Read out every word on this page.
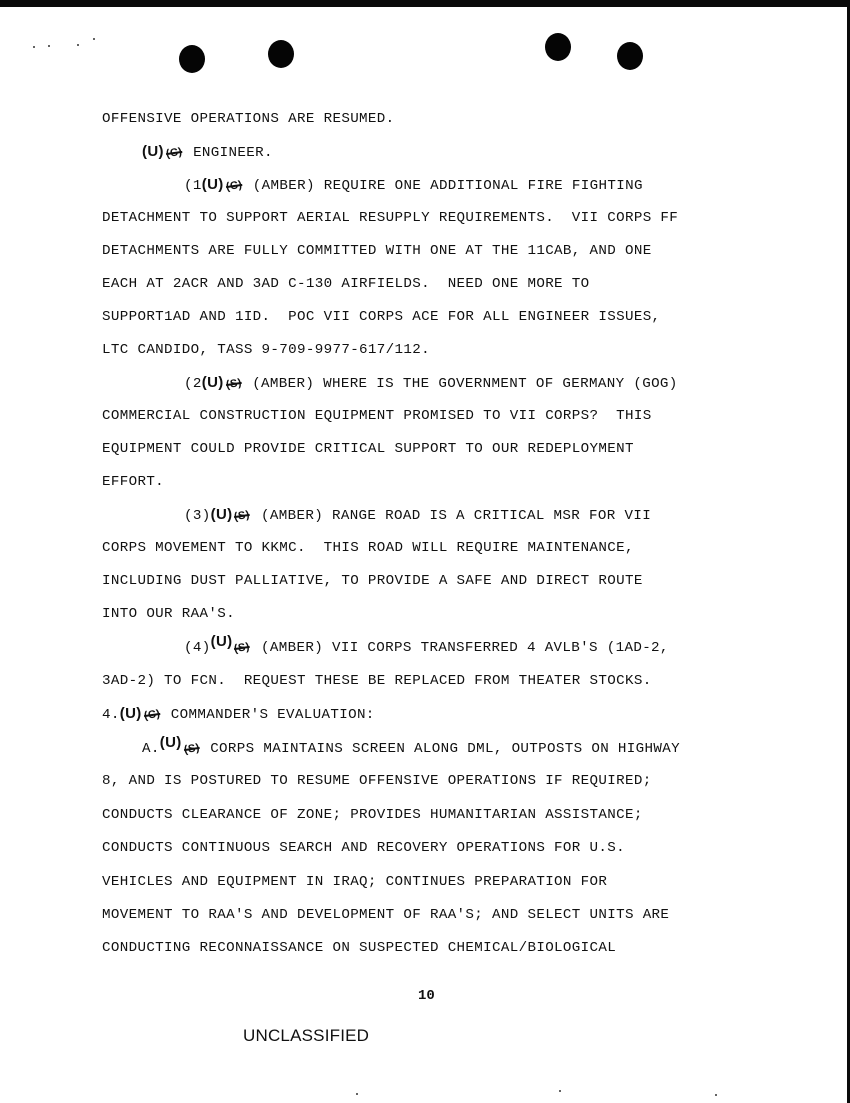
OFFENSIVE OPERATIONS ARE RESUMED.
(U)(C) ENGINEER.
(1(U)(C) (AMBER) REQUIRE ONE ADDITIONAL FIRE FIGHTING
DETACHMENT TO SUPPORT AERIAL RESUPPLY REQUIREMENTS.  VII CORPS FF
DETACHMENTS ARE FULLY COMMITTED WITH ONE AT THE 11CAB, AND ONE
EACH AT 2ACR AND 3AD C-130 AIRFIELDS.  NEED ONE MORE TO
SUPPORT1AD AND 1ID.  POC VII CORPS ACE FOR ALL ENGINEER ISSUES,
LTC CANDIDO, TASS 9-709-9977-617/112.
(2(U)(S) (AMBER) WHERE IS THE GOVERNMENT OF GERMANY (GOG)
COMMERCIAL CONSTRUCTION EQUIPMENT PROMISED TO VII CORPS?  THIS
EQUIPMENT COULD PROVIDE CRITICAL SUPPORT TO OUR REDEPLOYMENT
EFFORT.
(3)(U)(S) (AMBER) RANGE ROAD IS A CRITICAL MSR FOR VII
CORPS MOVEMENT TO KKMC.  THIS ROAD WILL REQUIRE MAINTENANCE,
INCLUDING DUST PALLIATIVE, TO PROVIDE A SAFE AND DIRECT ROUTE
INTO OUR RAA'S.
(4)(U)(S) (AMBER) VII CORPS TRANSFERRED 4 AVLB'S (1AD-2,
3AD-2) TO FCN.  REQUEST THESE BE REPLACED FROM THEATER STOCKS.
4.(U)(C) COMMANDER'S EVALUATION:
A.(U)(S) CORPS MAINTAINS SCREEN ALONG DML, OUTPOSTS ON HIGHWAY
8, AND IS POSTURED TO RESUME OFFENSIVE OPERATIONS IF REQUIRED;
CONDUCTS CLEARANCE OF ZONE; PROVIDES HUMANITARIAN ASSISTANCE;
CONDUCTS CONTINUOUS SEARCH AND RECOVERY OPERATIONS FOR U.S.
VEHICLES AND EQUIPMENT IN IRAQ; CONTINUES PREPARATION FOR
MOVEMENT TO RAA'S AND DEVELOPMENT OF RAA'S; AND SELECT UNITS ARE
CONDUCTING RECONNAISSANCE ON SUSPECTED CHEMICAL/BIOLOGICAL
10
UNCLASSIFIED
